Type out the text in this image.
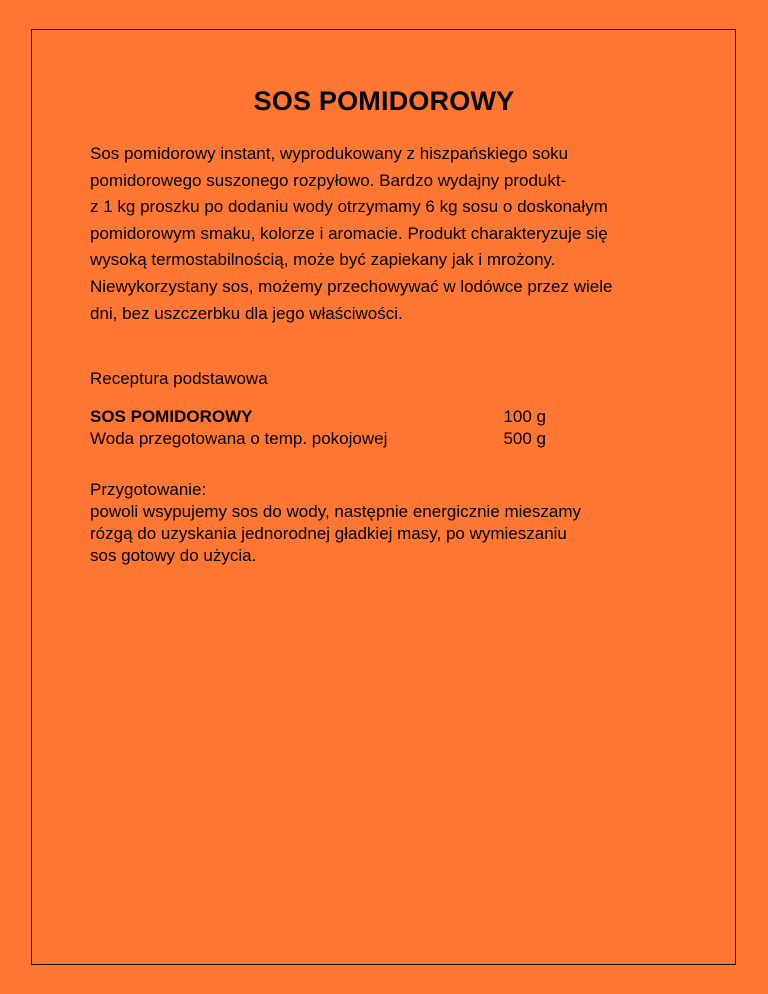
SOS POMIDOROWY
Sos pomidorowy instant, wyprodukowany z hiszpańskiego soku
pomidorowego suszonego rozpyłowo. Bardzo wydajny produkt-
z 1 kg proszku po dodaniu wody otrzymamy 6 kg sosu o doskonałym
pomidorowym smaku, kolorze i aromacie. Produkt charakteryzuje się
wysoką termostabilnością, może być zapiekany jak i mrożony.
Niewykorzystany sos, możemy przechowywać w lodówce przez wiele
dni, bez uszczerbku dla jego właściwości.
Receptura podstawowa
SOS POMIDOROWY	100 g
Woda przegotowana o temp. pokojowej	500 g
Przygotowanie:
powoli wsypujemy sos do wody, następnie energicznie mieszamy
rózgą do uzyskania jednorodnej gładkiej masy, po wymieszaniu
sos gotowy do użycia.
